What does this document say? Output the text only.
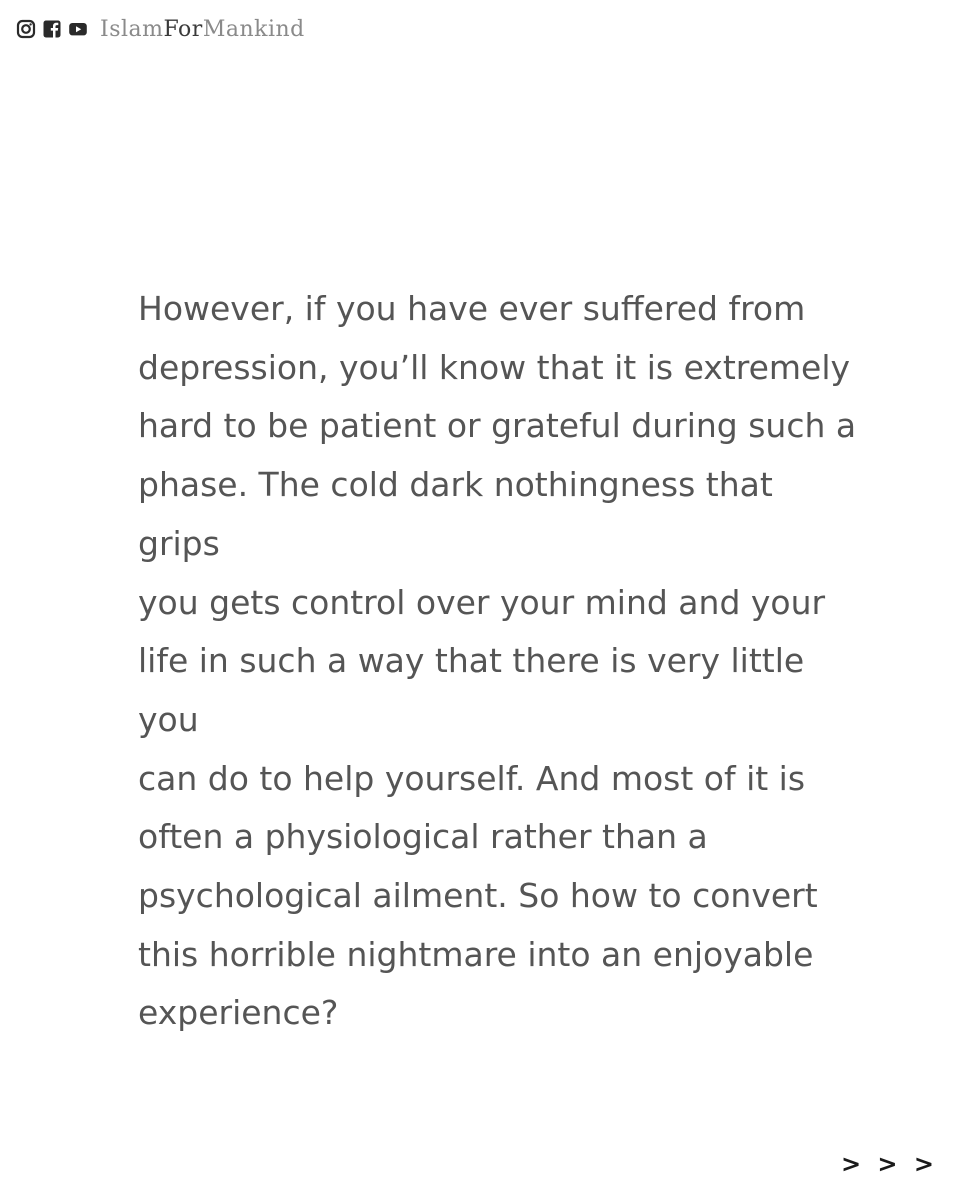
IslamForMankind

However, if you have ever suffered from
depression, you’ll know that it is extremely
hard to be patient or grateful during such a
phase. The cold dark nothingness that grips
you gets control over your mind and your
life in such a way that there is very little you
can do to help yourself. And most of it is
often a physiological rather than a
psychological ailment. So how to convert
this horrible nightmare into an enjoyable
experience?

> > >
